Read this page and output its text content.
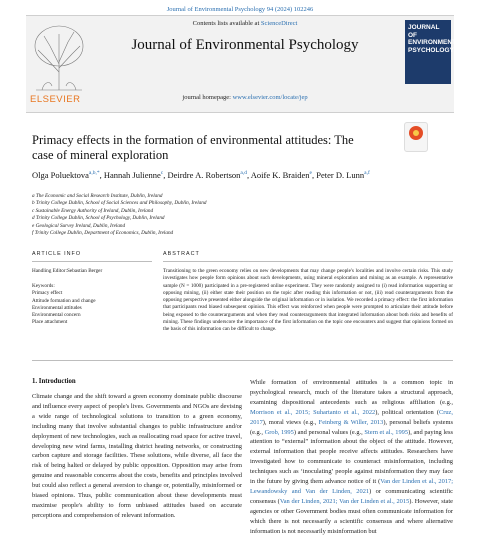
Journal of Environmental Psychology 94 (2024) 102246
ELSEVIER
Contents lists available at ScienceDirect
Journal of Environmental Psychology
journal homepage: www.elsevier.com/locate/jep
JOURNAL OF ENVIRONMENTAL PSYCHOLOGY
Primacy effects in the formation of environmental attitudes: The case of mineral exploration
Olga Poluektova$^{a,b,*}$, Hannah Julienne$^c$, Deirdre A. Robertson$^{a,d}$, Aoife K. Braiden$^e$, Peter D. Lunn$^{a,f}$
a The Economic and Social Research Institute, Dublin, Ireland
b Trinity College Dublin, School of Social Sciences and Philosophy, Dublin, Ireland
c Sustainable Energy Authority of Ireland, Dublin, Ireland
d Trinity College Dublin, School of Psychology, Dublin, Ireland
e Geological Survey Ireland, Dublin, Ireland
f Trinity College Dublin, Department of Economics, Dublin, Ireland
ARTICLE INFO	ABSTRACT
Handling Editor:Sebastian Berger
Keywords:
Primacy effect
Attitude formation and change
Environmental attitudes
Environmental concern
Place attachment
Transitioning to the green economy relies on new developments that may change people's localities and involve certain risks. This study investigates how people form opinions about such developments, using mineral exploration and mining as an example. A representative sample (N = 1000) participated in a pre-registered online experiment. They were randomly assigned to (i) read information supporting or opposing mining, (ii) either state their position on the topic after reading this information or not, (iii) read counterarguments from the opposing perspective presented either alongside the original information or in isolation. We recorded a primacy effect: the first information that participants read biased subsequent opinion. This effect was reinforced when people were prompted to articulate their attitude before being exposed to the counterarguments and when they read counterarguments that integrated information about both risks and benefits of mining. These findings underscore the importance of the first information on the topic one encounters and suggest that opinions formed on the basis of this information can be difficult to change.
1. Introduction
Climate change and the shift toward a green economy dominate public discourse and influence every aspect of people's lives. Governments and NGOs are devising a wide range of technological solutions to transition to a green economy, including many that involve substantial changes to public infrastructure and/or deployment of new technologies, such as reallocating road space for active travel, developing new wind farms, installing district heating networks, or constructing carbon capture and storage facilities. These solutions, while diverse, all face the risk of being halted or delayed by public opposition. Opposition may arise from genuine and reasonable concerns about the costs, benefits and principles involved but could also reflect a general aversion to change or, potentially, misinformed or biased opinions. Thus, public communication about these developments must maximise people's ability to form unbiased attitudes based on accurate perceptions and comprehension of relevant information.
While formation of environmental attitudes is a common topic in psychological research, much of the literature takes a structural approach, examining dispositional antecedents such as religious affiliation (e.g., Morrison et al., 2015; Suhartanto et al., 2022), political orientation (Cruz, 2017), moral views (e.g., Feinberg & Willer, 2013), personal beliefs systems (e.g., Grob, 1995) and personal values (e.g., Stern et al., 1995), and paying less attention to “external” information about the object of the attitude. However, external information that people receive affects attitudes. Researchers have investigated how to communicate to counteract misinformation, including techniques such as ‘inoculating’ people against misinformation they may face in the future by giving them advance notice of it (Van der Linden et al., 2017; Lewandowsky and Van der Linden, 2021) or communicating scientific consensus (Van der Linden, 2021; Van der Linden et al., 2015). However, state agencies or other Government bodies must often communicate information for which there is not necessarily a scientific consensus and where alternative information is not necessarily misinformation but
